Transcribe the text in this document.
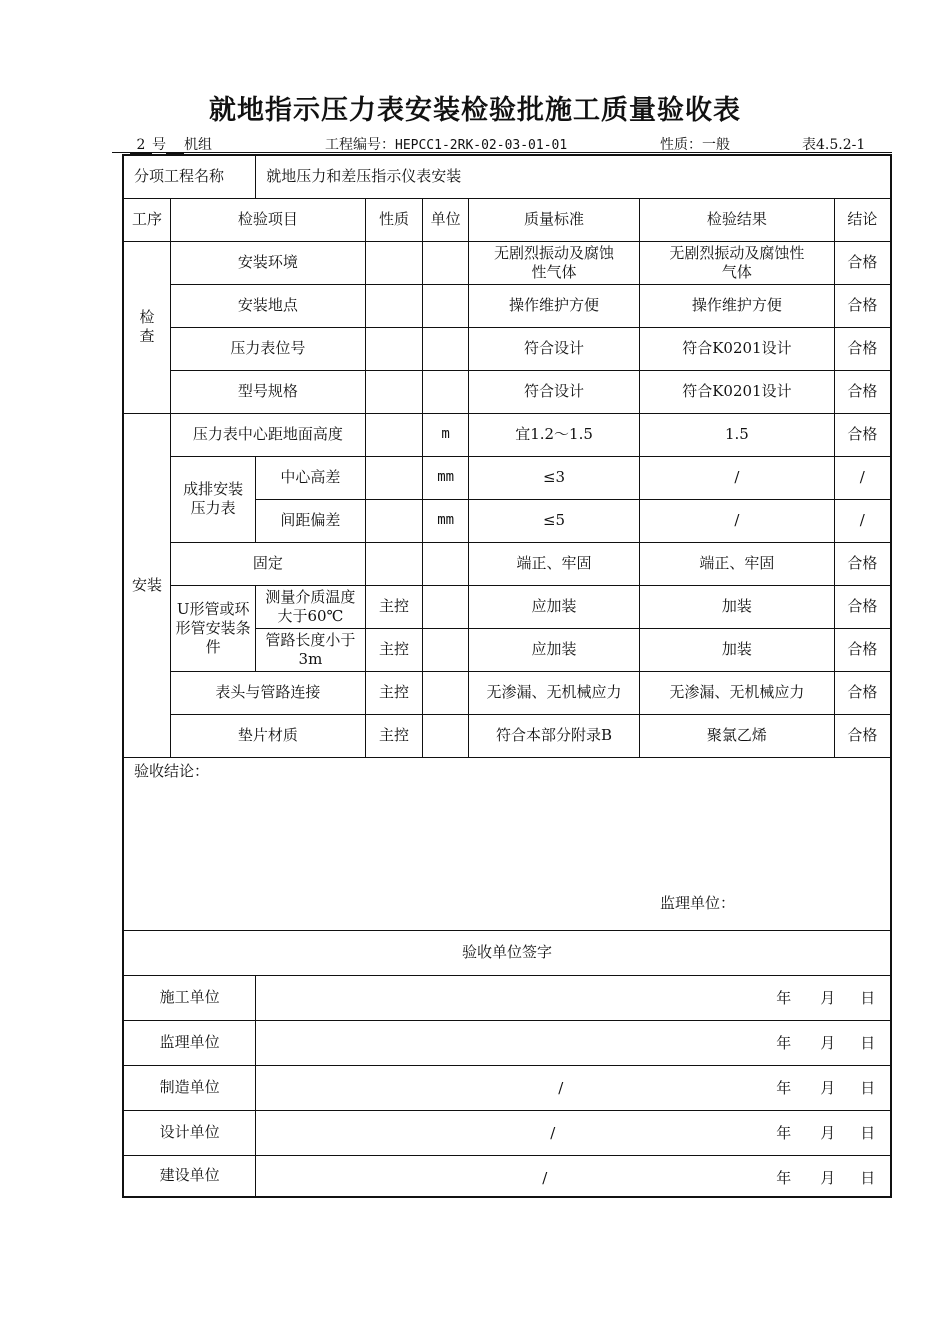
就地指示压力表安装检验批施工质量验收表
2 号 机组	工程编号：HEPCC1-2RK-02-03-01-01	性质：一般	表4.5.2-1
分项工程名称		就地压力和差压指示仪表安装					
工序	检验项目		性质	单位	质量标准	检验结果	结论
检查	安装环境				无剧烈振动及腐蚀性气体	无剧烈振动及腐蚀性气体	合格
	安装地点				操作维护方便	操作维护方便	合格
	压力表位号				符合设计	符合K0201设计	合格
	型号规格				符合设计	符合K0201设计	合格
安装	压力表中心距地面高度			m	宜1.2～1.5	1.5	合格
	成排安装压力表	中心高差		mm	≤3	/	/
		间距偏差		mm	≤5	/	/
	固定				端正、牢固	端正、牢固	合格
	U形管或环形管安装条件	测量介质温度大于60℃	主控		应加装	加装	合格
		管路长度小于3m	主控		应加装	加装	合格
	表头与管路连接		主控		无渗漏、无机械应力	无渗漏、无机械应力	合格
	垫片材质		主控		符合本部分附录B	聚氯乙烯	合格

验收结论：
监理单位：							

验收单位签字							
施工单位		年 月 日					

监理单位		年 月 日					

制造单位		/ 年 月 日					

设计单位		/ 年 月 日					

建设单位		/ 年 月 日					
